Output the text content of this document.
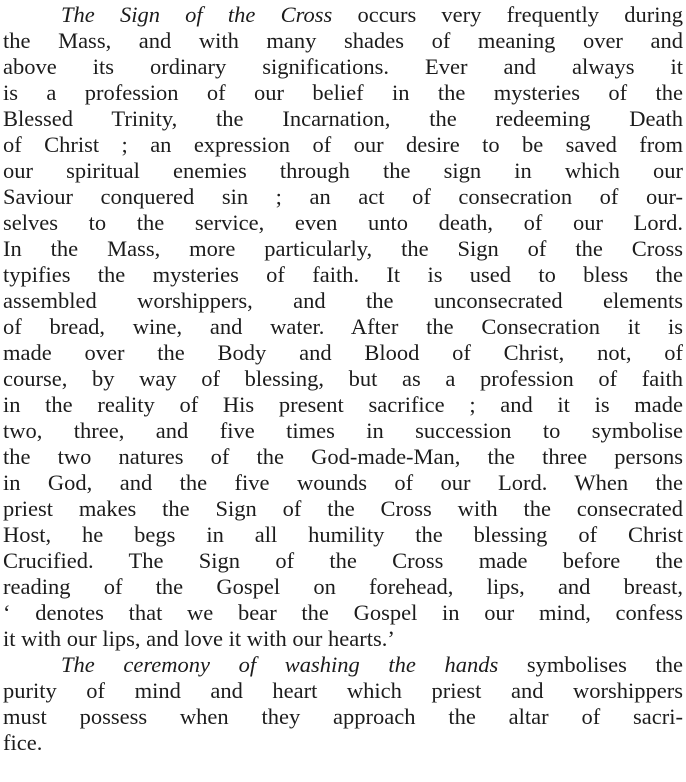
The Sign of the Cross occurs very frequently during
the Mass, and with many shades of meaning over and
above its ordinary significations. Ever and always it
is a profession of our belief in the mysteries of the
Blessed Trinity, the Incarnation, the redeeming Death
of Christ ; an expression of our desire to be saved from
our spiritual enemies through the sign in which our
Saviour conquered sin ; an act of consecration of our-
selves to the service, even unto death, of our Lord.
In the Mass, more particularly, the Sign of the Cross
typifies the mysteries of faith. It is used to bless the
assembled worshippers, and the unconsecrated elements
of bread, wine, and water. After the Consecration it is
made over the Body and Blood of Christ, not, of
course, by way of blessing, but as a profession of faith
in the reality of His present sacrifice ; and it is made
two, three, and five times in succession to symbolise
the two natures of the God-made-Man, the three persons
in God, and the five wounds of our Lord. When the
priest makes the Sign of the Cross with the consecrated
Host, he begs in all humility the blessing of Christ
Crucified. The Sign of the Cross made before the
reading of the Gospel on forehead, lips, and breast,
‘ denotes that we bear the Gospel in our mind, confess
it with our lips, and love it with our hearts.’
The ceremony of washing the hands symbolises the
purity of mind and heart which priest and worshippers
must possess when they approach the altar of sacri-
fice.
